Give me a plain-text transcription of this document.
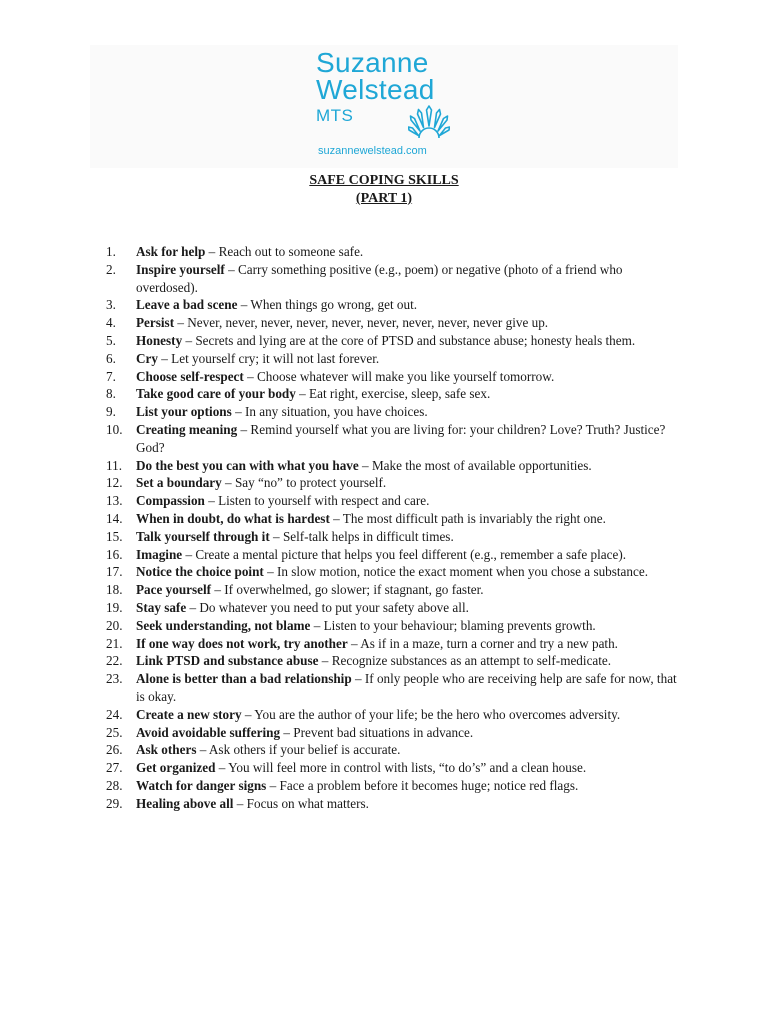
Suzanne
Welstead
MTS
suzannewelstead.com
SAFE COPING SKILLS
(PART 1)
1.	Ask for help – Reach out to someone safe.
2.	Inspire yourself – Carry something positive (e.g., poem) or negative (photo of a friend who overdosed).
3.	Leave a bad scene – When things go wrong, get out.
4.	Persist – Never, never, never, never, never, never, never, never, never give up.
5.	Honesty – Secrets and lying are at the core of PTSD and substance abuse; honesty heals them.
6.	Cry – Let yourself cry; it will not last forever.
7.	Choose self-respect – Choose whatever will make you like yourself tomorrow.
8.	Take good care of your body – Eat right, exercise, sleep, safe sex.
9.	List your options – In any situation, you have choices.
10.	Creating meaning – Remind yourself what you are living for: your children? Love? Truth? Justice? God?
11.	Do the best you can with what you have – Make the most of available opportunities.
12.	Set a boundary – Say “no” to protect yourself.
13.	Compassion – Listen to yourself with respect and care.
14.	When in doubt, do what is hardest – The most difficult path is invariably the right one.
15.	Talk yourself through it – Self-talk helps in difficult times.
16.	Imagine – Create a mental picture that helps you feel different (e.g., remember a safe place).
17.	Notice the choice point – In slow motion, notice the exact moment when you chose a substance.
18.	Pace yourself – If overwhelmed, go slower; if stagnant, go faster.
19.	Stay safe – Do whatever you need to put your safety above all.
20.	Seek understanding, not blame – Listen to your behaviour; blaming prevents growth.
21.	If one way does not work, try another – As if in a maze, turn a corner and try a new path.
22.	Link PTSD and substance abuse – Recognize substances as an attempt to self-medicate.
23.	Alone is better than a bad relationship – If only people who are receiving help are safe for now, that is okay.
24.	Create a new story – You are the author of your life; be the hero who overcomes adversity.
25.	Avoid avoidable suffering – Prevent bad situations in advance.
26.	Ask others – Ask others if your belief is accurate.
27.	Get organized – You will feel more in control with lists, “to do’s” and a clean house.
28.	Watch for danger signs – Face a problem before it becomes huge; notice red flags.
29.	Healing above all – Focus on what matters.
